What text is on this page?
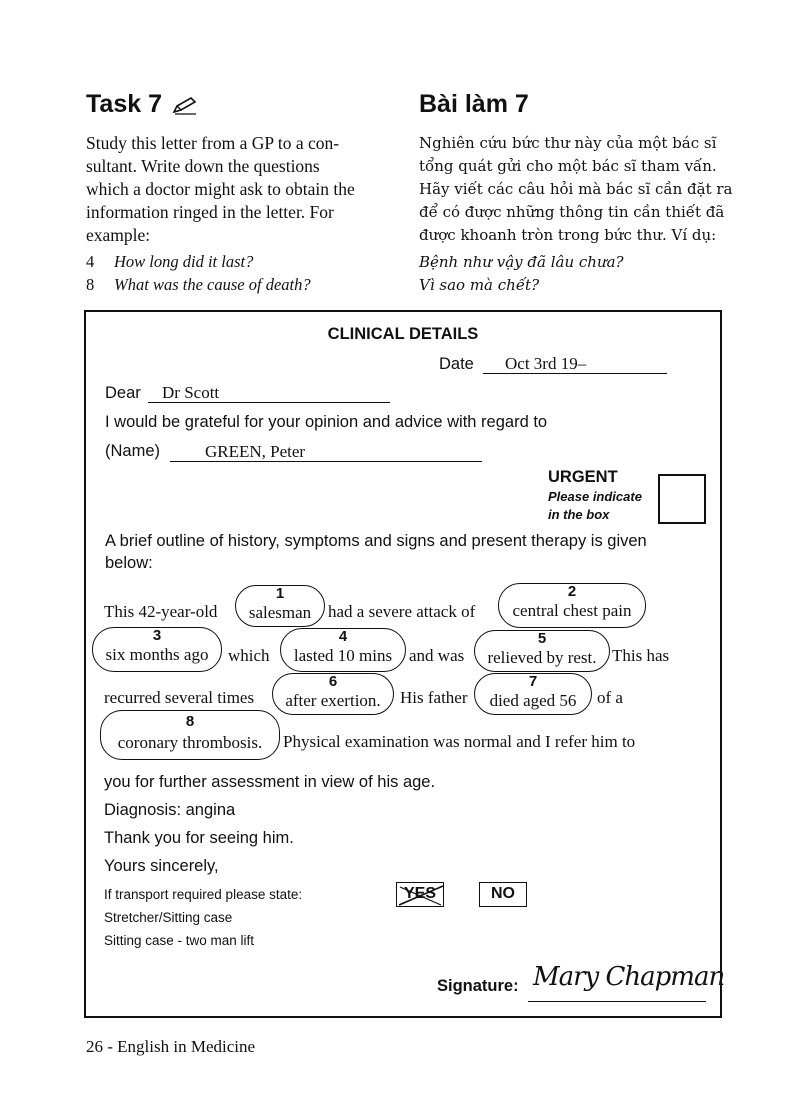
Task 7
Study this letter from a GP to a con-
sultant. Write down the questions
which a doctor might ask to obtain the
information ringed in the letter. For
example:
4 How long did it last?
8 What was the cause of death?
Bài làm 7
Nghiên cứu bức thư này của một bác sĩ
tổng quát gửi cho một bác sĩ tham vấn.
Hãy viết các câu hỏi mà bác sĩ cần đặt ra
để có được những thông tin cần thiết đã
được khoanh tròn trong bức thư. Ví dụ:
Bệnh như vậy đã lâu chưa?
Vì sao mà chết?
CLINICAL DETAILS
Date Oct 3rd 19–
Dear Dr Scott
I would be grateful for your opinion and advice with regard to
(Name)	GREEN, Peter
URGENT
Please indicate
in the box
A brief outline of history, symptoms and signs and present therapy is given
below:
This 42-year-old
1
salesman had a severe attack of
2
central chest pain
3
six months ago	which
4
lasted 10 mins and was
5
relieved by rest. This has
recurred several times
6
after exertion.	His father
7
died aged 56	of a
8
coronary thrombosis.	Physical examination was normal and I refer him to
you for further assessment in view of his age.
Diagnosis: angina
Thank you for seeing him.
Yours sincerely,
If transport required please state:
Stretcher/Sitting case
Sitting case - two man lift
YES	NO
Signature: Mary Chapman
26 - English in Medicine
